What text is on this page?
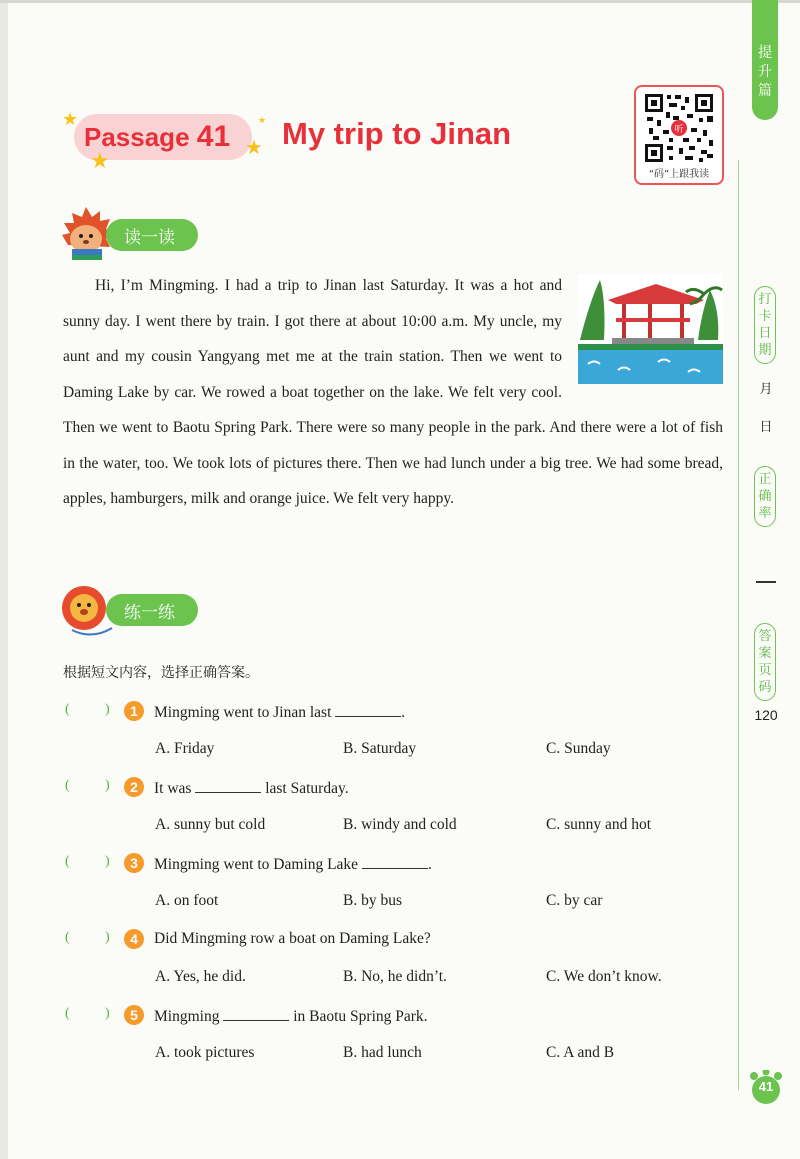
★
★	★
★
Passage 41 My trip to Jinan	听
“码”上跟我读
提升篇
打卡日期
月
日
正确率
答案页码
120
读一读

Hi, I’m Mingming. I had a trip to Jinan last Saturday. It was a hot and sunny day. I went there by train. I got there at about 10:00 a.m. My uncle, my aunt and my cousin Yangyang met me at the train station. Then we went to Daming Lake by car. We rowed a boat together on the lake. We felt very cool. Then we went to Baotu Spring Park. There were so many people in the park. And there were a lot of fish in the water, too. We took lots of pictures there. Then we had lunch under a big tree. We had some bread, apples, hamburgers, milk and orange juice. We felt very happy.

练一练
根据短文内容，选择正确答案。
(	)	1	Mingming went to Jinan last	.
A. Friday	B. Saturday	C. Sunday
(	)	2	It was	last Saturday.
A. sunny but cold	B. windy and cold	C. sunny and hot
(	)	3	Mingming went to Daming Lake	.
A. on foot	B. by bus	C. by car
(	)	4	Did Mingming row a boat on Daming Lake?
A. Yes, he did.	B. No, he didn’t.	C. We don’t know.
(	)	5	Mingming	in Baotu Spring Park.
A. took pictures	B. had lunch	C. A and B
41
